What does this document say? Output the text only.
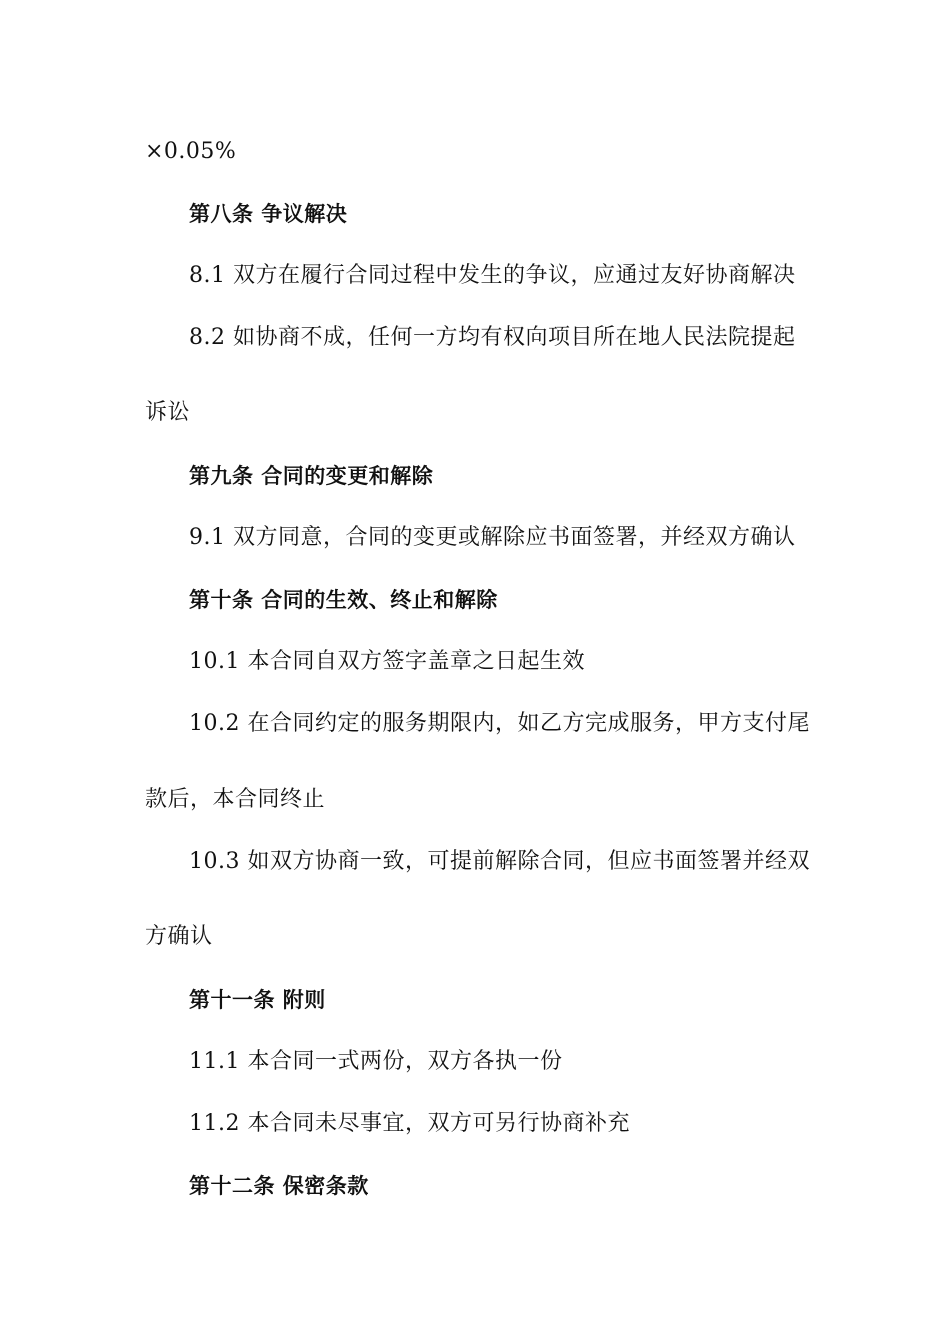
×0.05%
第八条 争议解决
8.1 双方在履行合同过程中发生的争议，应通过友好协商解决
8.2 如协商不成，任何一方均有权向项目所在地人民法院提起
诉讼
第九条 合同的变更和解除
9.1 双方同意，合同的变更或解除应书面签署，并经双方确认
第十条 合同的生效、终止和解除
10.1 本合同自双方签字盖章之日起生效
10.2 在合同约定的服务期限内，如乙方完成服务，甲方支付尾
款后，本合同终止
10.3 如双方协商一致，可提前解除合同，但应书面签署并经双
方确认
第十一条 附则
11.1 本合同一式两份，双方各执一份
11.2 本合同未尽事宜，双方可另行协商补充
第十二条 保密条款
